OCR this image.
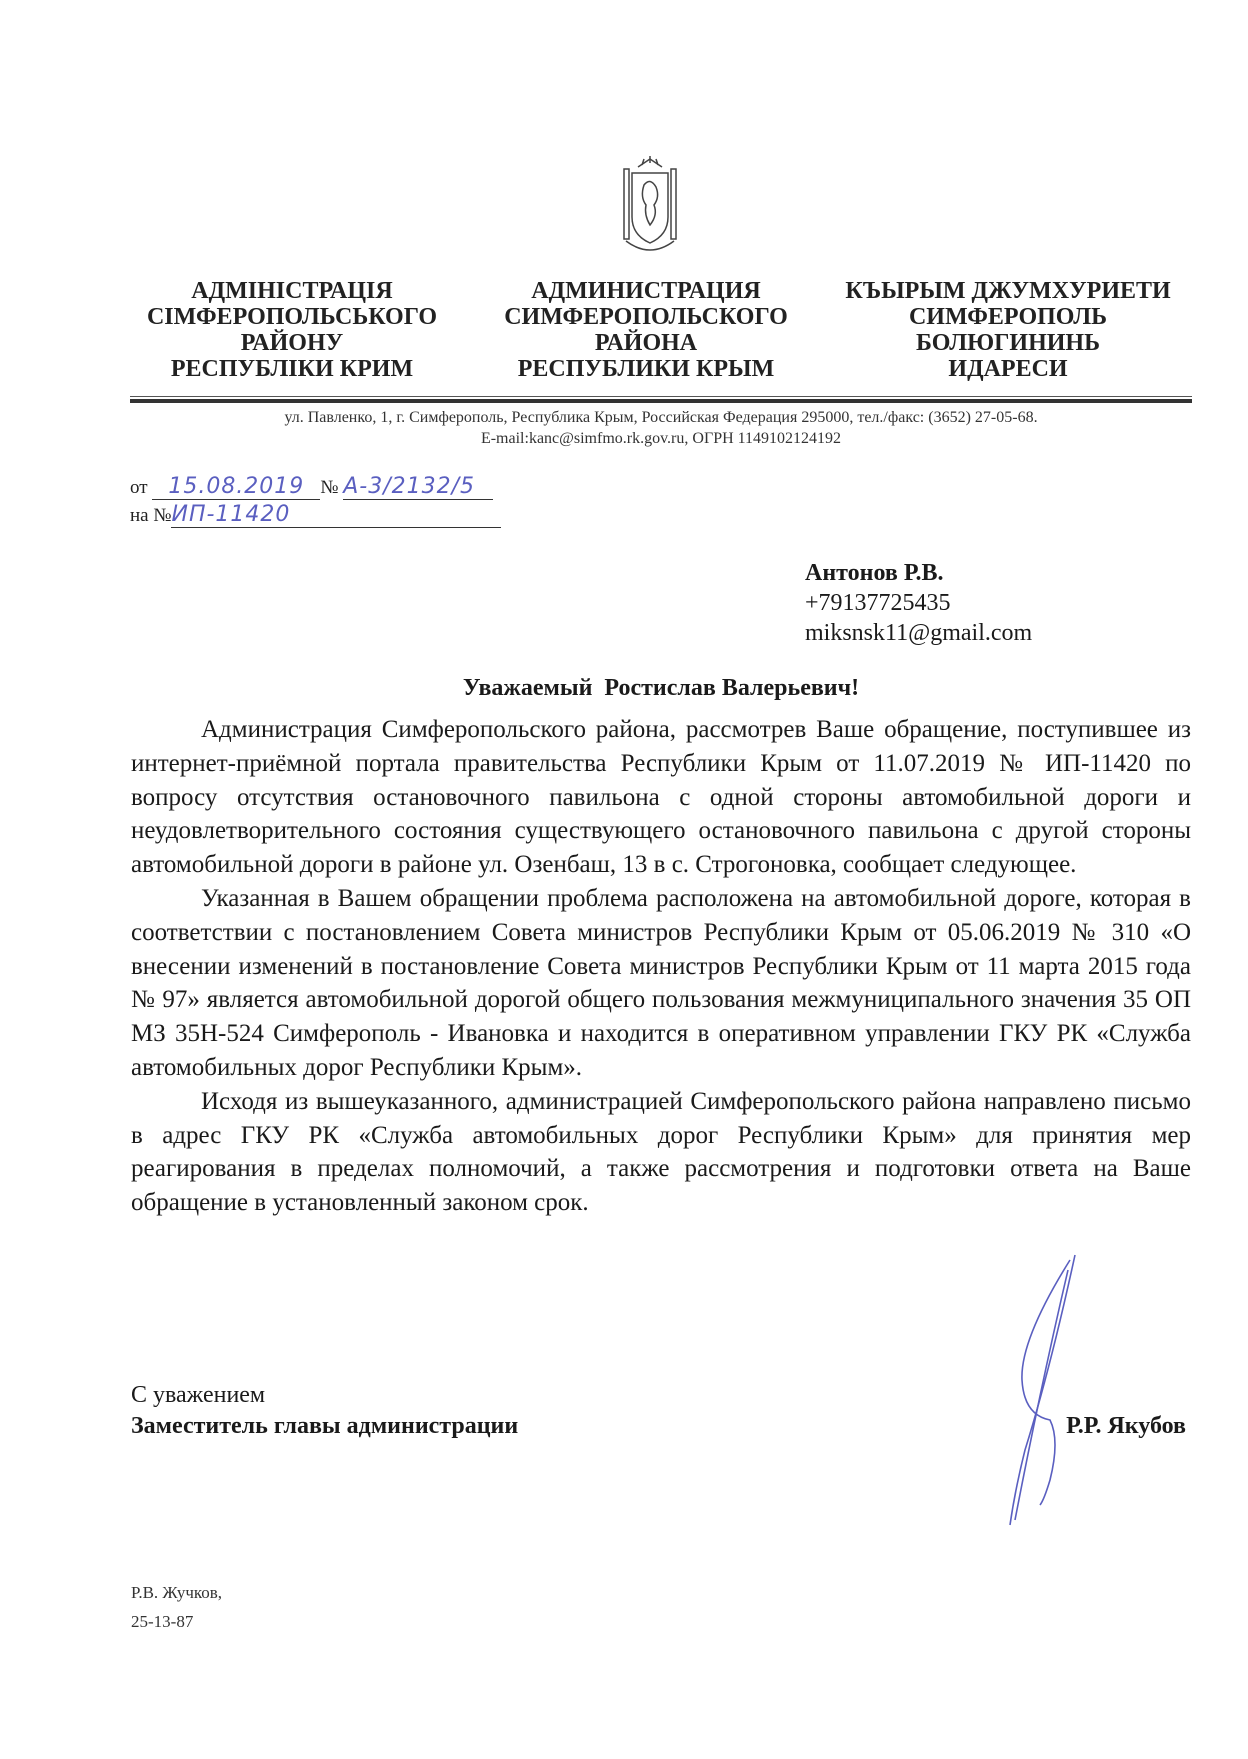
АДМІНІСТРАЦІЯ
СІМФЕРОПОЛЬСЬКОГО
РАЙОНУ
РЕСПУБЛІКИ КРИМ
АДМИНИСТРАЦИЯ
СИМФЕРОПОЛЬСКОГО
РАЙОНА
РЕСПУБЛИКИ КРЫМ
КЪЫРЫМ ДЖУМХУРИЕТИ
СИМФЕРОПОЛЬ
БОЛЮГИНИНЬ
ИДАРЕСИ
ул. Павленко, 1, г. Симферополь, Республика Крым, Российская Федерация 295000, тел./факс: (3652) 27-05-68.
E-mail:kanc@simfmo.rk.gov.ru, ОГРН 1149102124192
от 15.08.2019 № А-3/2132/5
на №ИП-11420
Антонов Р.В.
+79137725435
miksnsk11@gmail.com
Уважаемый  Ростислав Валерьевич!

Администрация Симферопольского района, рассмотрев Ваше обращение, поступившее из интернет-приёмной портала правительства Республики Крым от 11.07.2019 № ИП-11420 по вопросу отсутствия остановочного павильона с одной стороны автомобильной дороги и неудовлетворительного состояния существующего остановочного павильона с другой стороны автомобильной дороги в районе ул. Озенбаш, 13 в с. Строгоновка, сообщает следующее.

Указанная в Вашем обращении проблема расположена на автомобильной дороге, которая в соответствии с постановлением Совета министров Республики Крым от 05.06.2019 № 310 «О внесении изменений в постановление Совета министров Республики Крым от 11 марта 2015 года № 97» является автомобильной дорогой общего пользования межмуниципального значения 35 ОП МЗ 35Н-524 Симферополь - Ивановка и находится в оперативном управлении ГКУ РК «Служба автомобильных дорог Республики Крым».

Исходя из вышеуказанного, администрацией Симферопольского района направлено письмо в адрес ГКУ РК «Служба автомобильных дорог Республики Крым» для принятия мер реагирования в пределах полномочий, а также рассмотрения и подготовки ответа на Ваше обращение в установленный законом срок.

С уважением
Заместитель главы администрации	Р.Р. Якубов
Р.В. Жучков,
25-13-87
